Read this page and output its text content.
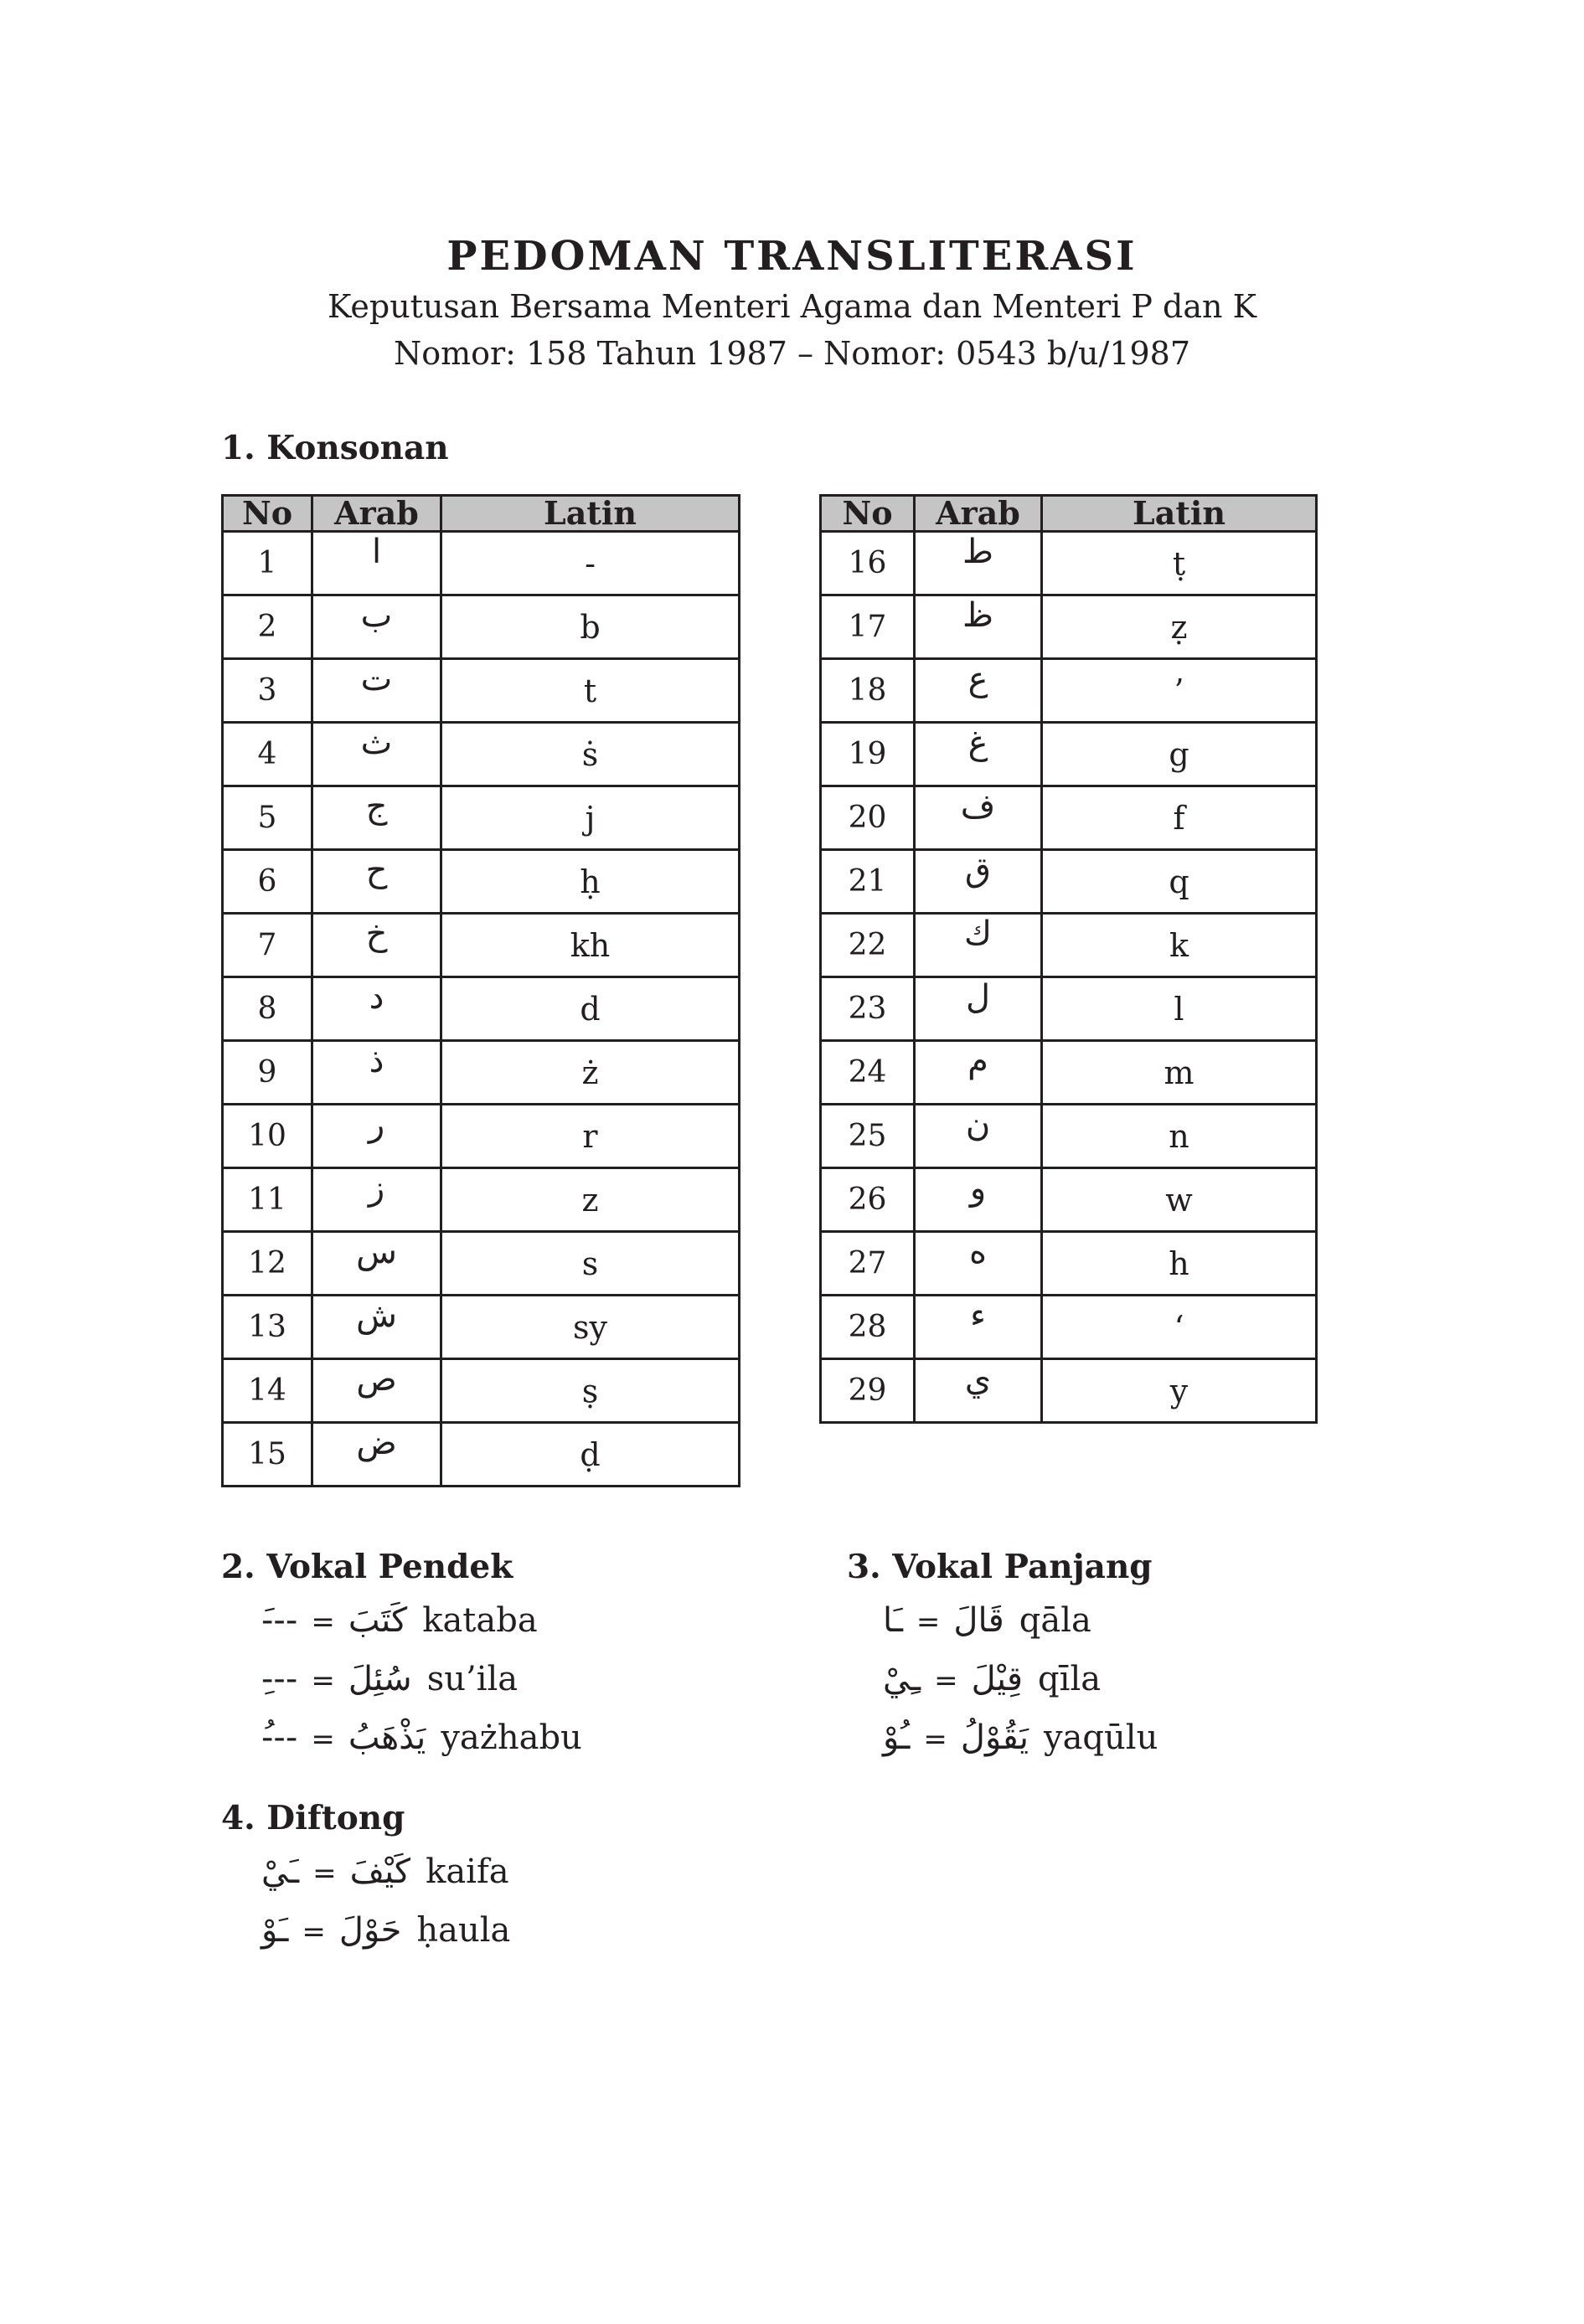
PEDOMAN TRANSLITERASI
Keputusan Bersama Menteri Agama dan Menteri P dan K
Nomor: 158 Tahun 1987 – Nomor: 0543 b/u/1987
1. Konsonan
No	Arab	Latin
1	ا	-
2	ب	b
3	ت	t
4	ث	ṡ
5	ج	j
6	ح	ḥ
7	خ	kh
8	د	d
9	ذ	ż
10	ر	r
11	ز	z
12	س	s
13	ش	sy
14	ص	ṣ
15	ض	ḍ
No	Arab	Latin
16	ط	ṭ
17	ظ	ẓ
18	ع	’
19	غ	g
20	ف	f
21	ق	q
22	ك	k
23	ل	l
24	م	m
25	ن	n
26	و	w
27	ه	h
28	ء	‘
29	ي	y
2. Vokal Pendek
---َ = كَتَبَ kataba
---ِ = سُئِلَ su’ila
---ُ = يَذْهَبُ yażhabu
3. Vokal Panjang
ـَا = قَالَ qāla
ـِيْ = قِيْلَ qīla
ـُوْ = يَقُوْلُ yaqūlu
4. Diftong
ـَيْ = كَيْفَ kaifa
ـَوْ = حَوْلَ ḥaula
